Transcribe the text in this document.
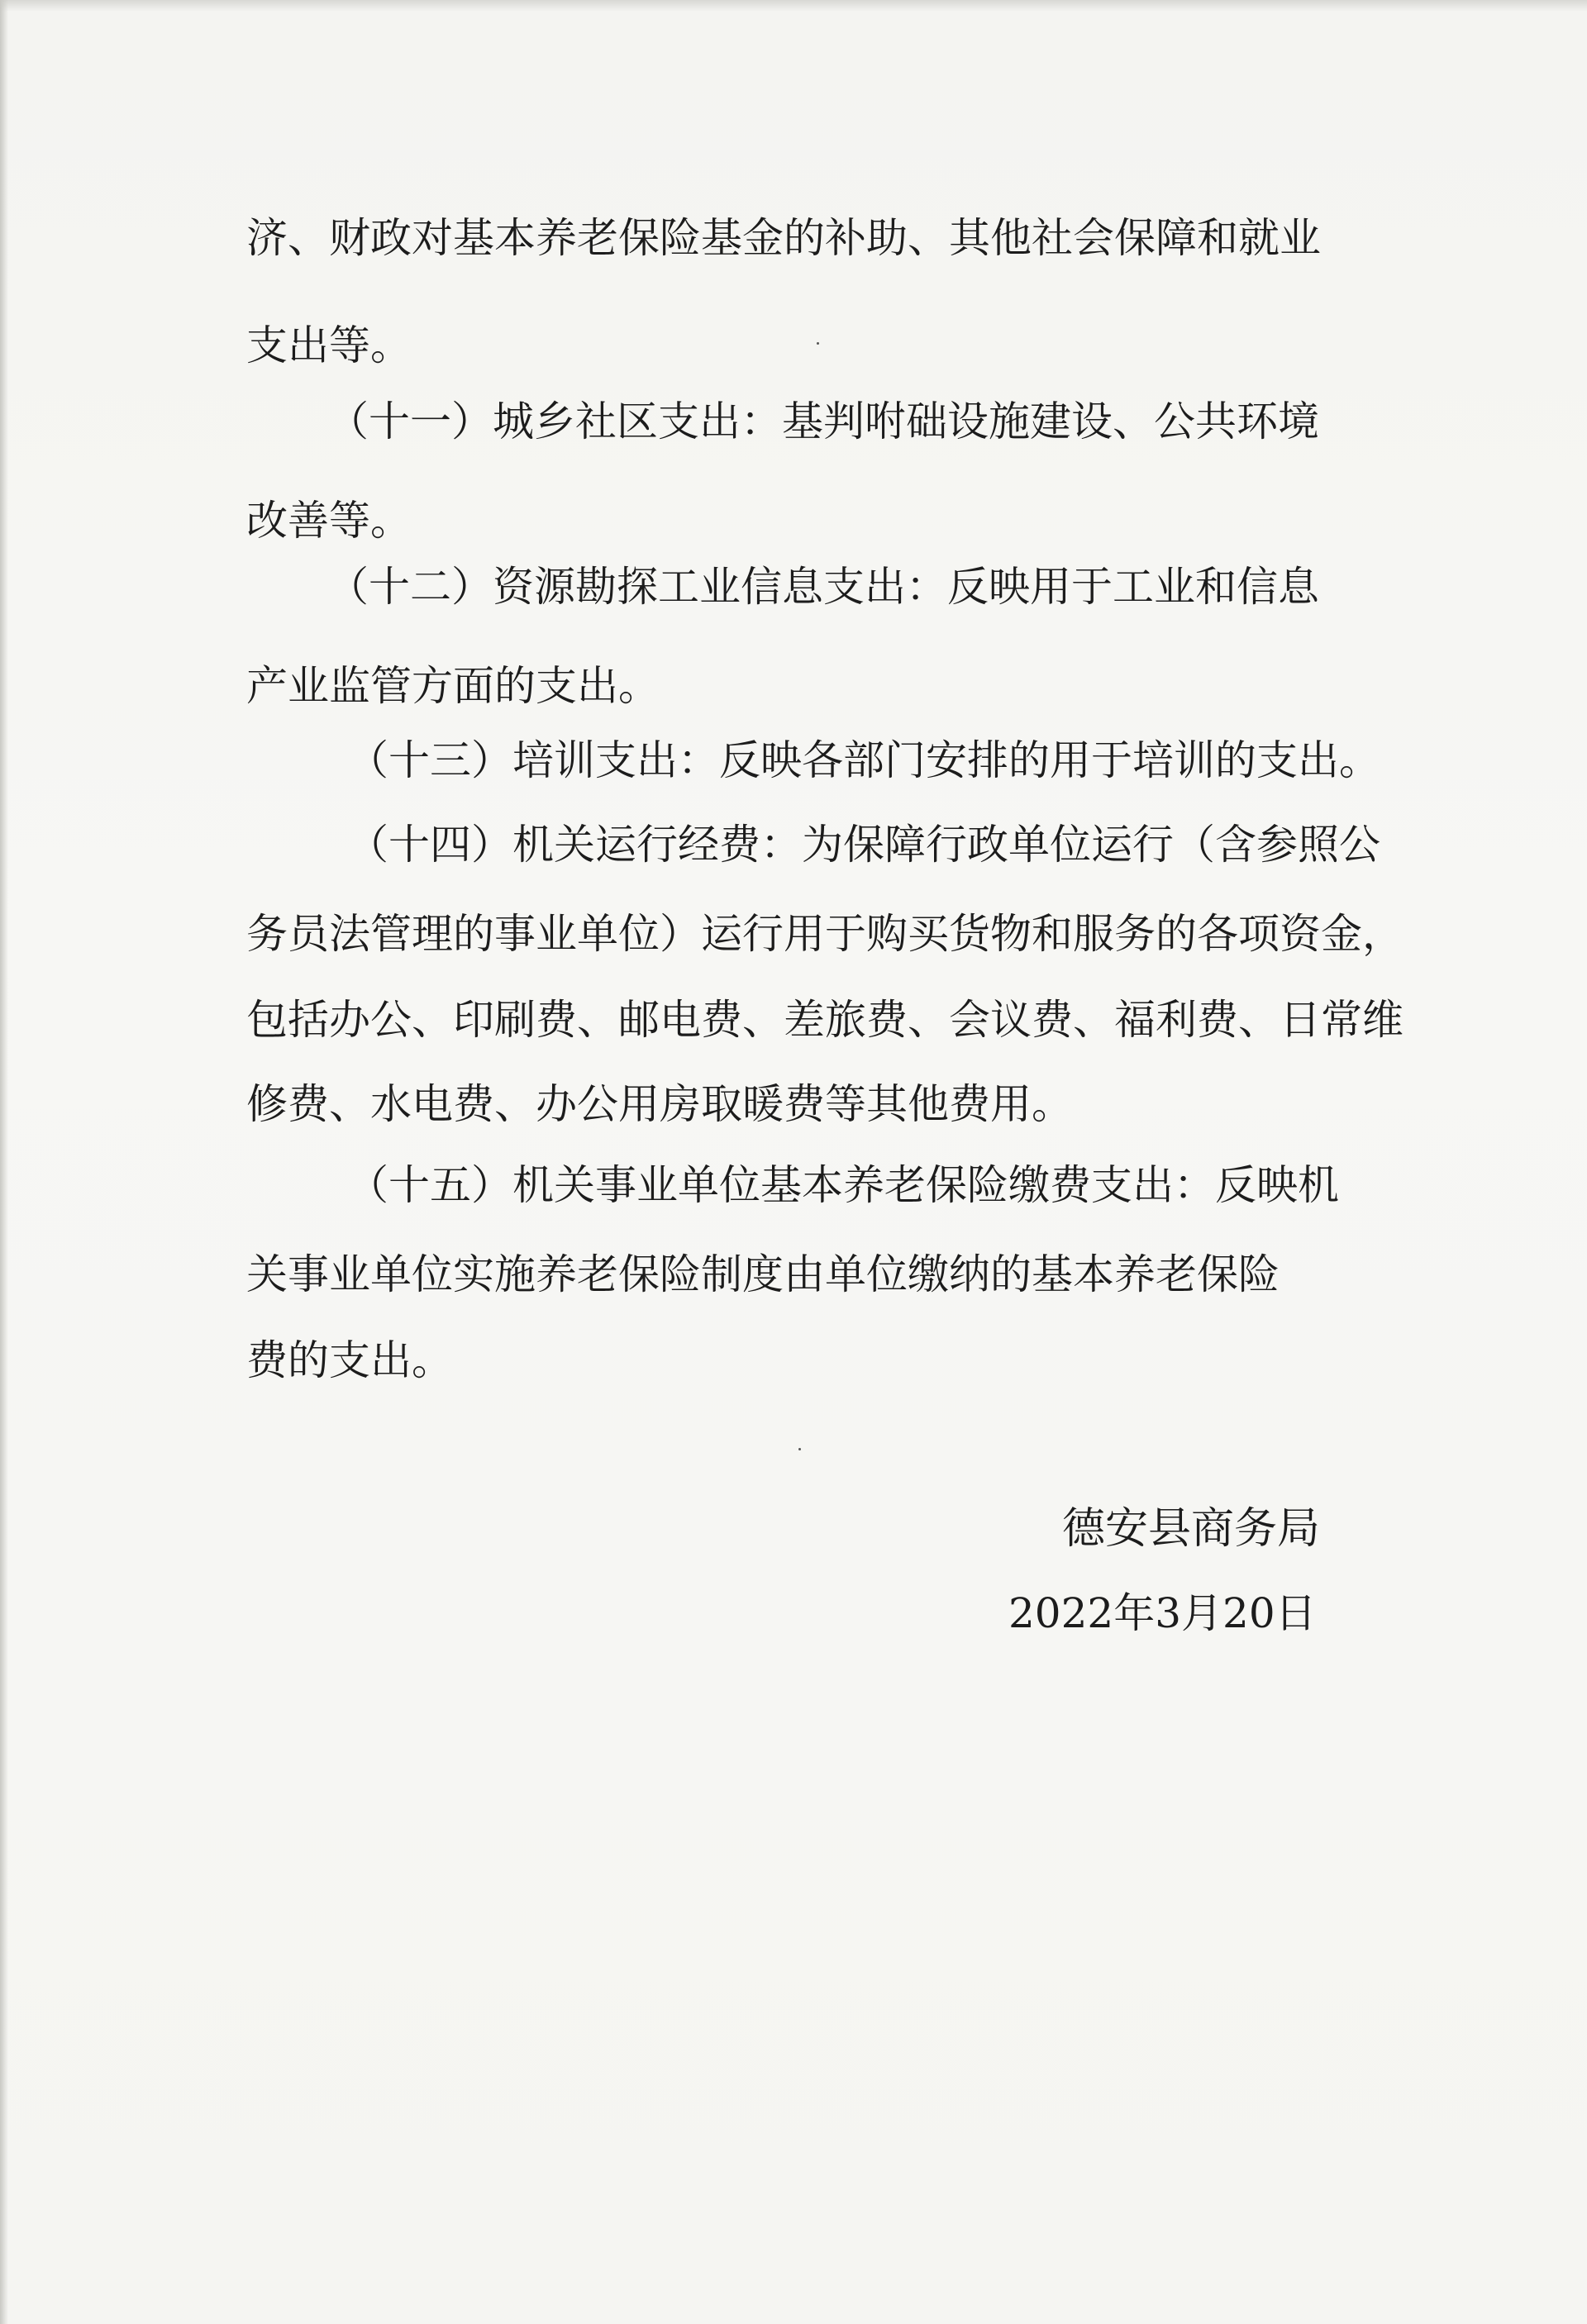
济、财政对基本养老保险基金的补助、其他社会保障和就业
支出等。
（十一）城乡社区支出：基判咐础设施建设、公共环境
改善等。
（十二）资源勘探工业信息支出：反映用于工业和信息
产业监管方面的支出。
（十三）培训支出：反映各部门安排的用于培训的支出。
（十四）机关运行经费：为保障行政单位运行（含参照公
务员法管理的事业单位）运行用于购买货物和服务的各项资金，
包括办公、印刷费、邮电费、差旅费、会议费、福利费、日常维
修费、水电费、办公用房取暖费等其他费用。
（十五）机关事业单位基本养老保险缴费支出：反映机
关事业单位实施养老保险制度由单位缴纳的基本养老保险
费的支出。
德安县商务局
2022年3月20日
